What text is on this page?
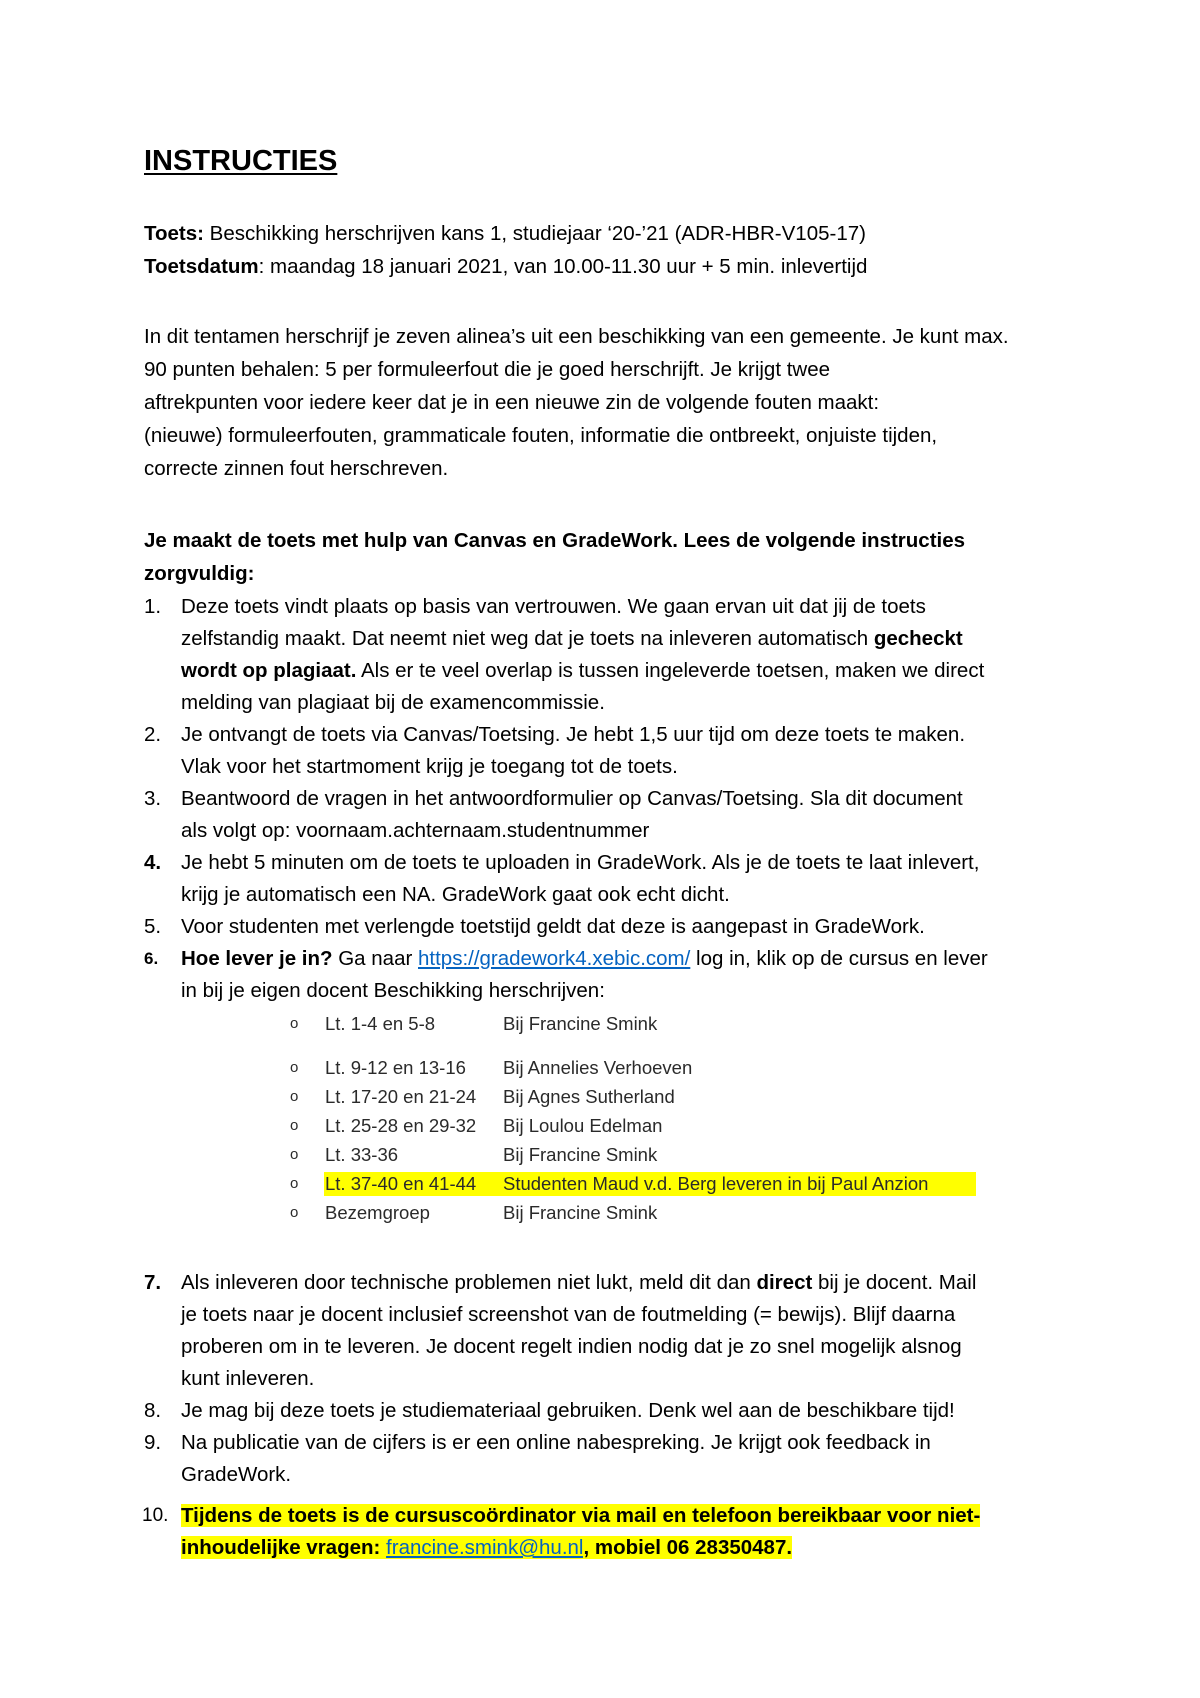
INSTRUCTIES
Toets: Beschikking herschrijven kans 1, studiejaar ‘20-’21 (ADR-HBR-V105-17)
Toetsdatum: maandag 18 januari 2021, van 10.00-11.30 uur + 5 min. inlevertijd
In dit tentamen herschrijf je zeven alinea’s uit een beschikking van een gemeente. Je kunt max.
90 punten behalen: 5 per formuleerfout die je goed herschrijft. Je krijgt twee
aftrekpunten voor iedere keer dat je in een nieuwe zin de volgende fouten maakt:
(nieuwe) formuleerfouten, grammaticale fouten, informatie die ontbreekt, onjuiste tijden,
correcte zinnen fout herschreven.
Je maakt de toets met hulp van Canvas en GradeWork. Lees de volgende instructies
zorgvuldig:
1. Deze toets vindt plaats op basis van vertrouwen. We gaan ervan uit dat jij de toets
zelfstandig maakt. Dat neemt niet weg dat je toets na inleveren automatisch gecheckt
wordt op plagiaat. Als er te veel overlap is tussen ingeleverde toetsen, maken we direct
melding van plagiaat bij de examencommissie.
2. Je ontvangt de toets via Canvas/Toetsing. Je hebt 1,5 uur tijd om deze toets te maken.
Vlak voor het startmoment krijg je toegang tot de toets.
3. Beantwoord de vragen in het antwoordformulier op Canvas/Toetsing. Sla dit document
als volgt op: voornaam.achternaam.studentnummer
4. Je hebt 5 minuten om de toets te uploaden in GradeWork. Als je de toets te laat inlevert,
krijg je automatisch een NA. GradeWork gaat ook echt dicht.
5. Voor studenten met verlengde toetstijd geldt dat deze is aangepast in GradeWork.
6. Hoe lever je in? Ga naar https://gradework4.xebic.com/ log in, klik op de cursus en lever
in bij je eigen docent Beschikking herschrijven:
o Lt. 1-4 en 5-8	Bij Francine Smink
o Lt. 9-12 en 13-16 Bij Annelies Verhoeven
o Lt. 17-20 en 21-24 Bij Agnes Sutherland
o Lt. 25-28 en 29-32 Bij Loulou Edelman
o Lt. 33-36	Bij Francine Smink
o Lt. 37-40 en 41-44 Studenten Maud v.d. Berg leveren in bij Paul Anzion
o Bezemgroep	Bij Francine Smink
7. Als inleveren door technische problemen niet lukt, meld dit dan direct bij je docent. Mail
je toets naar je docent inclusief screenshot van de foutmelding (= bewijs). Blijf daarna
proberen om in te leveren. Je docent regelt indien nodig dat je zo snel mogelijk alsnog
kunt inleveren.
8. Je mag bij deze toets je studiemateriaal gebruiken. Denk wel aan de beschikbare tijd!
9. Na publicatie van de cijfers is er een online nabespreking. Je krijgt ook feedback in
GradeWork.
10. Tijdens de toets is de cursuscoördinator via mail en telefoon bereikbaar voor niet-
inhoudelijke vragen: francine.smink@hu.nl, mobiel 06 28350487.
